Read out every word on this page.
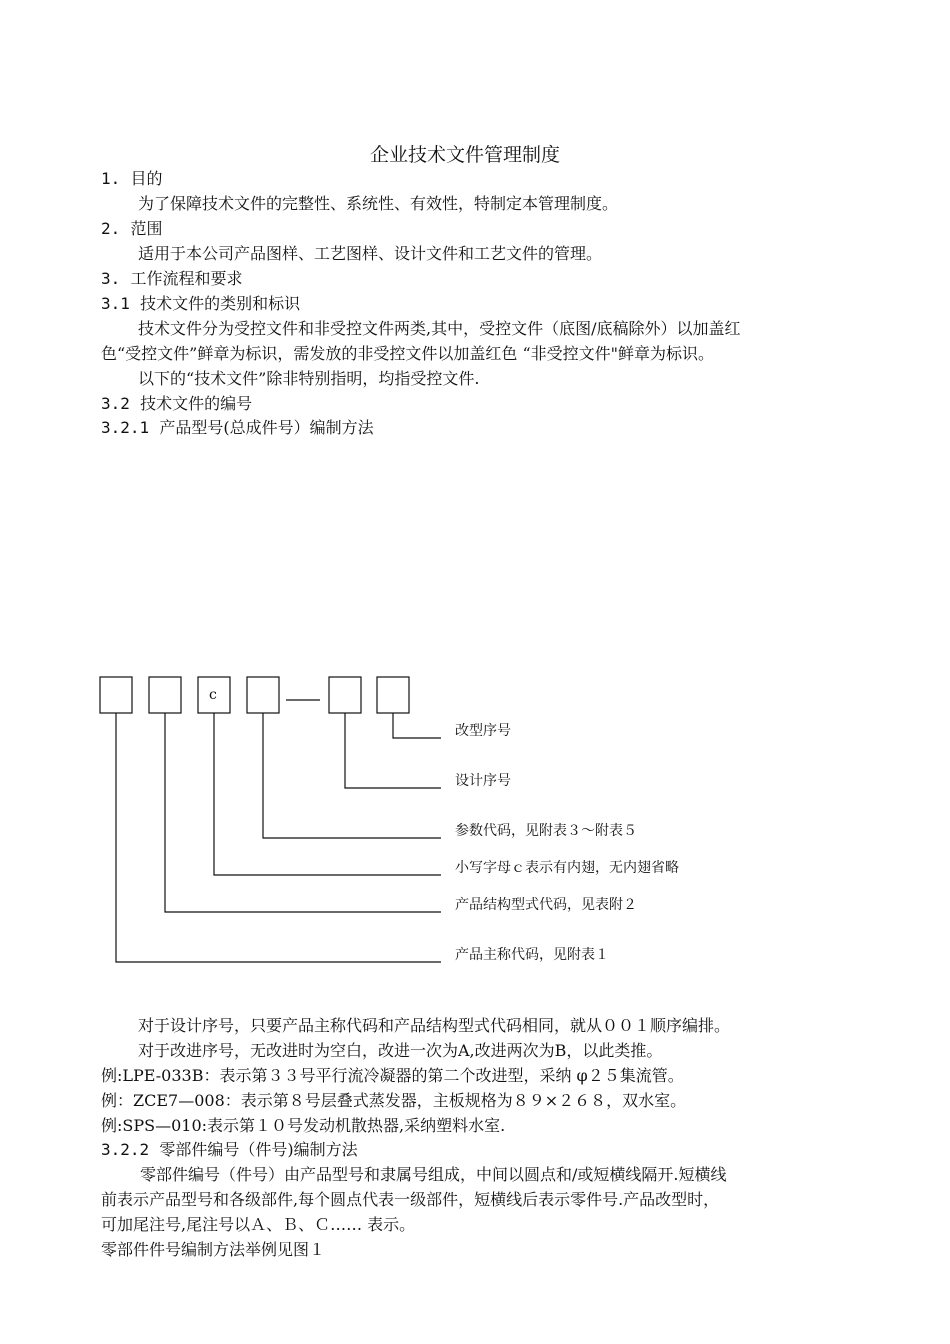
企业技术文件管理制度
1. 目的
为了保障技术文件的完整性、系统性、有效性，特制定本管理制度。
2. 范围
适用于本公司产品图样、工艺图样、设计文件和工艺文件的管理。
3. 工作流程和要求
3.1 技术文件的类别和标识
技术文件分为受控文件和非受控文件两类,其中，受控文件（底图/底稿除外）以加盖红
色“受控文件”鲜章为标识，需发放的非受控文件以加盖红色 “非受控文件"鲜章为标识。
以下的“技术文件”除非特别指明，均指受控文件.
3.2 技术文件的编号
3.2.1 产品型号(总成件号）编制方法
c
改型序号
设计序号
参数代码，见附表３～附表５
小写字母ｃ表示有内翅，无内翅省略
产品结构型式代码，见表附２
产品主称代码，见附表１
对于设计序号，只要产品主称代码和产品结构型式代码相同，就从００１顺序编排。
对于改进序号，无改进时为空白，改进一次为A,改进两次为B，以此类推。
例:LPE-033B：表示第３３号平行流冷凝器的第二个改进型，采纳 φ２５集流管。
例：ZCE7—008：表示第８号层叠式蒸发器，主板规格为８９×２６８，双水室。
例:SPS—010:表示第１０号发动机散热器,采纳塑料水室.
3.2.2 零部件编号（件号)编制方法
零部件编号（件号）由产品型号和隶属号组成，中间以圆点和/或短横线隔开.短横线
前表示产品型号和各级部件,每个圆点代表一级部件，短横线后表示零件号.产品改型时，
可加尾注号,尾注号以Ａ、Ｂ、Ｃ…… 表示。
零部件件号编制方法举例见图１
